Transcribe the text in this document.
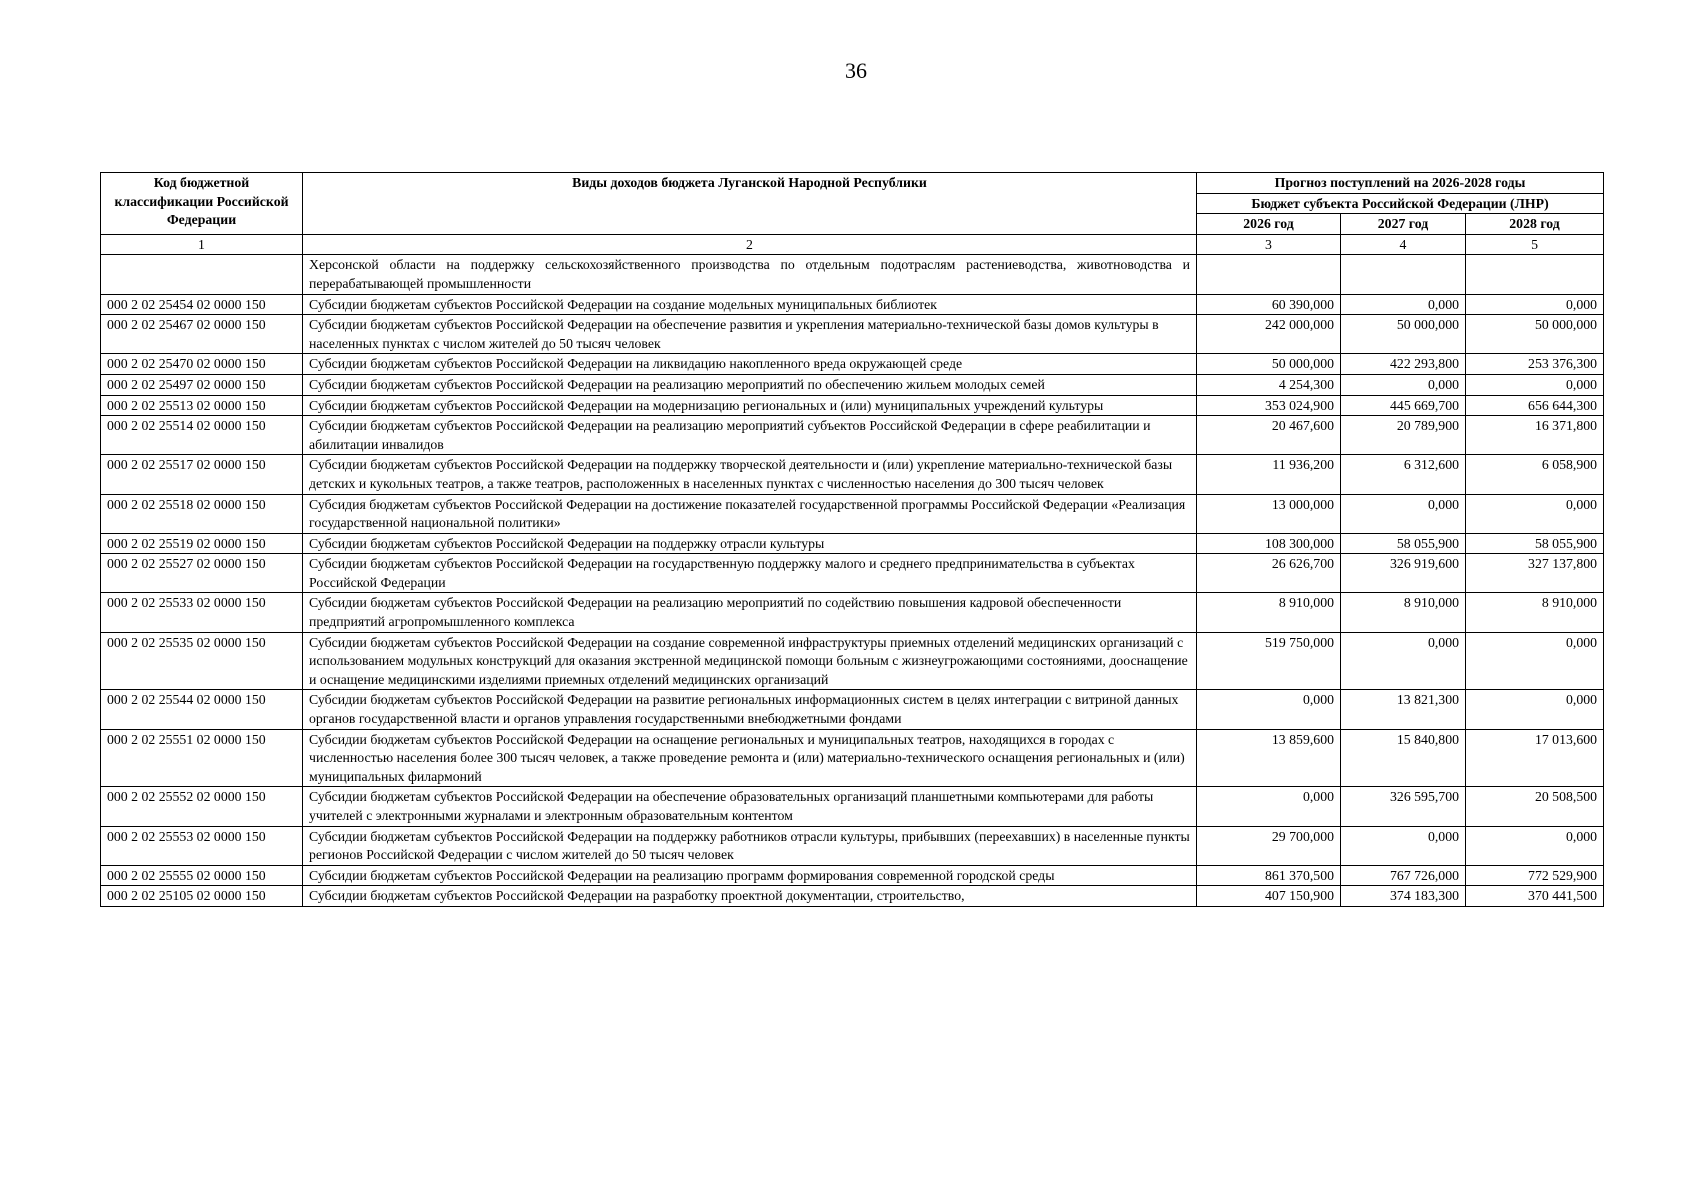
36
Код бюджетной классификации Российской Федерации	Виды доходов бюджета Луганской Народной Республики	Прогноз поступлений на 2026-2028 годы		
		Бюджет субъекта Российской Федерации (ЛНР)		
		2026 год	2027 год	2028 год
1	2	3	4	5
	Херсонской области на поддержку сельскохозяйственного производства по отдельным подотраслям растениеводства, животноводства и перерабатывающей промышленности			
000 2 02 25454 02 0000 150	Субсидии бюджетам субъектов Российской Федерации на создание модельных муниципальных библиотек	60 390,000	0,000	0,000
000 2 02 25467 02 0000 150	Субсидии бюджетам субъектов Российской Федерации на обеспечение развития и укрепления материально-технической базы домов культуры в населенных пунктах с числом жителей до 50 тысяч человек	242 000,000	50 000,000	50 000,000
000 2 02 25470 02 0000 150	Субсидии бюджетам субъектов Российской Федерации на ликвидацию накопленного вреда окружающей среде	50 000,000	422 293,800	253 376,300
000 2 02 25497 02 0000 150	Субсидии бюджетам субъектов Российской Федерации на реализацию мероприятий по обеспечению жильем молодых семей	4 254,300	0,000	0,000
000 2 02 25513 02 0000 150	Субсидии бюджетам субъектов Российской Федерации на модернизацию региональных и (или) муниципальных учреждений культуры	353 024,900	445 669,700	656 644,300
000 2 02 25514 02 0000 150	Субсидии бюджетам субъектов Российской Федерации на реализацию мероприятий субъектов Российской Федерации в сфере реабилитации и абилитации инвалидов	20 467,600	20 789,900	16 371,800
000 2 02 25517 02 0000 150	Субсидии бюджетам субъектов Российской Федерации на поддержку творческой деятельности и (или) укрепление материально-технической базы детских и кукольных театров, а также театров, расположенных в населенных пунктах с численностью населения до 300 тысяч человек	11 936,200	6 312,600	6 058,900
000 2 02 25518 02 0000 150	Субсидия бюджетам субъектов Российской Федерации на достижение показателей государственной программы Российской Федерации «Реализация государственной национальной политики»	13 000,000	0,000	0,000
000 2 02 25519 02 0000 150	Субсидии бюджетам субъектов Российской Федерации на поддержку отрасли культуры	108 300,000	58 055,900	58 055,900
000 2 02 25527 02 0000 150	Субсидии бюджетам субъектов Российской Федерации на государственную поддержку малого и среднего предпринимательства в субъектах Российской Федерации	26 626,700	326 919,600	327 137,800
000 2 02 25533 02 0000 150	Субсидии бюджетам субъектов Российской Федерации на реализацию мероприятий по содействию повышения кадровой обеспеченности предприятий агропромышленного комплекса	8 910,000	8 910,000	8 910,000
000 2 02 25535 02 0000 150	Субсидии бюджетам субъектов Российской Федерации на создание современной инфраструктуры приемных отделений медицинских организаций с использованием модульных конструкций для оказания экстренной медицинской помощи больным с жизнеугрожающими состояниями, дооснащение и оснащение медицинскими изделиями приемных отделений медицинских организаций	519 750,000	0,000	0,000
000 2 02 25544 02 0000 150	Субсидии бюджетам субъектов Российской Федерации на развитие региональных информационных систем в целях интеграции с витриной данных органов государственной власти и органов управления государственными внебюджетными фондами	0,000	13 821,300	0,000
000 2 02 25551 02 0000 150	Субсидии бюджетам субъектов Российской Федерации на оснащение региональных и муниципальных театров, находящихся в городах с численностью населения более 300 тысяч человек, а также проведение ремонта и (или) материально-технического оснащения региональных и (или) муниципальных филармоний	13 859,600	15 840,800	17 013,600
000 2 02 25552 02 0000 150	Субсидии бюджетам субъектов Российской Федерации на обеспечение образовательных организаций планшетными компьютерами для работы учителей с электронными журналами и электронным образовательным контентом	0,000	326 595,700	20 508,500
000 2 02 25553 02 0000 150	Субсидии бюджетам субъектов Российской Федерации на поддержку работников отрасли культуры, прибывших (переехавших) в населенные пункты регионов Российской Федерации с числом жителей до 50 тысяч человек	29 700,000	0,000	0,000
000 2 02 25555 02 0000 150	Субсидии бюджетам субъектов Российской Федерации на реализацию программ формирования современной городской среды	861 370,500	767 726,000	772 529,900
000 2 02 25105 02 0000 150	Субсидии бюджетам субъектов Российской Федерации на разработку проектной документации, строительство,	407 150,900	374 183,300	370 441,500
